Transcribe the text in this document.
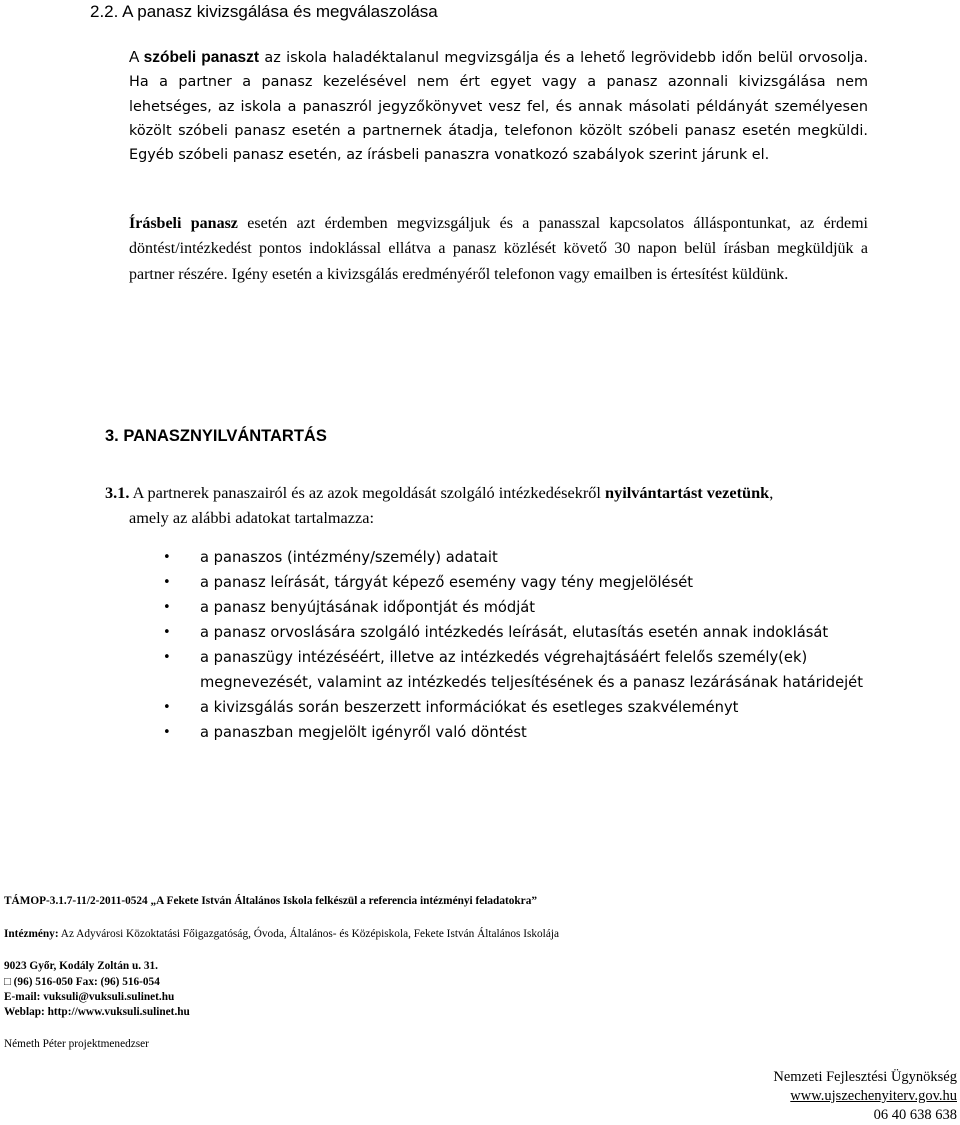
2.2. A panasz kivizsgálása és megválaszolása
A szóbeli panaszt az iskola haladéktalanul megvizsgálja és a lehető legrövidebb időn belül orvosolja. Ha a partner a panasz kezelésével nem ért egyet vagy a panasz azonnali kivizsgálása nem lehetséges, az iskola a panaszról jegyzőkönyvet vesz fel, és annak másolati példányát személyesen közölt szóbeli panasz esetén a partnernek átadja, telefonon közölt szóbeli panasz esetén megküldi. Egyéb szóbeli panasz esetén, az írásbeli panaszra vonatkozó szabályok szerint járunk el.
Írásbeli panasz esetén azt érdemben megvizsgáljuk és a panasszal kapcsolatos álláspontunkat, az érdemi döntést/intézkedést pontos indoklással ellátva a panasz közlését követő 30 napon belül írásban megküldjük a partner részére. Igény esetén a kivizsgálás eredményéről telefonon vagy emailben is értesítést küldünk.
3. PANASZNYILVÁNTARTÁS
3.1. A partnerek panaszairól és az azok megoldását szolgáló intézkedésekről nyilvántartást vezetünk,
amely az alábbi adatokat tartalmazza:
• a panaszos (intézmény/személy) adatait
• a panasz leírását, tárgyát képező esemény vagy tény megjelölését
• a panasz benyújtásának időpontját és módját
• a panasz orvoslására szolgáló intézkedés leírását, elutasítás esetén annak indoklását
• a panaszügy intézéséért, illetve az intézkedés végrehajtásáért felelős személy(ek)
megnevezését, valamint az intézkedés teljesítésének és a panasz lezárásának határidejét
• a kivizsgálás során beszerzett információkat és esetleges szakvéleményt
• a panaszban megjelölt igényről való döntést
TÁMOP-3.1.7-11/2-2011-0524 „A Fekete István Általános Iskola felkészül a referencia intézményi feladatokra”
Intézmény: Az Adyvárosi Közoktatási Főigazgatóság, Óvoda, Általános- és Középiskola, Fekete István Általános Iskolája
9023 Győr, Kodály Zoltán u. 31.
□ (96) 516-050 Fax: (96) 516-054
E-mail: vuksuli@vuksuli.sulinet.hu
Weblap: http://www.vuksuli.sulinet.hu
Németh Péter projektmenedzser
Nemzeti Fejlesztési Ügynökség
www.ujszechenyiterv.gov.hu
06 40 638 638
